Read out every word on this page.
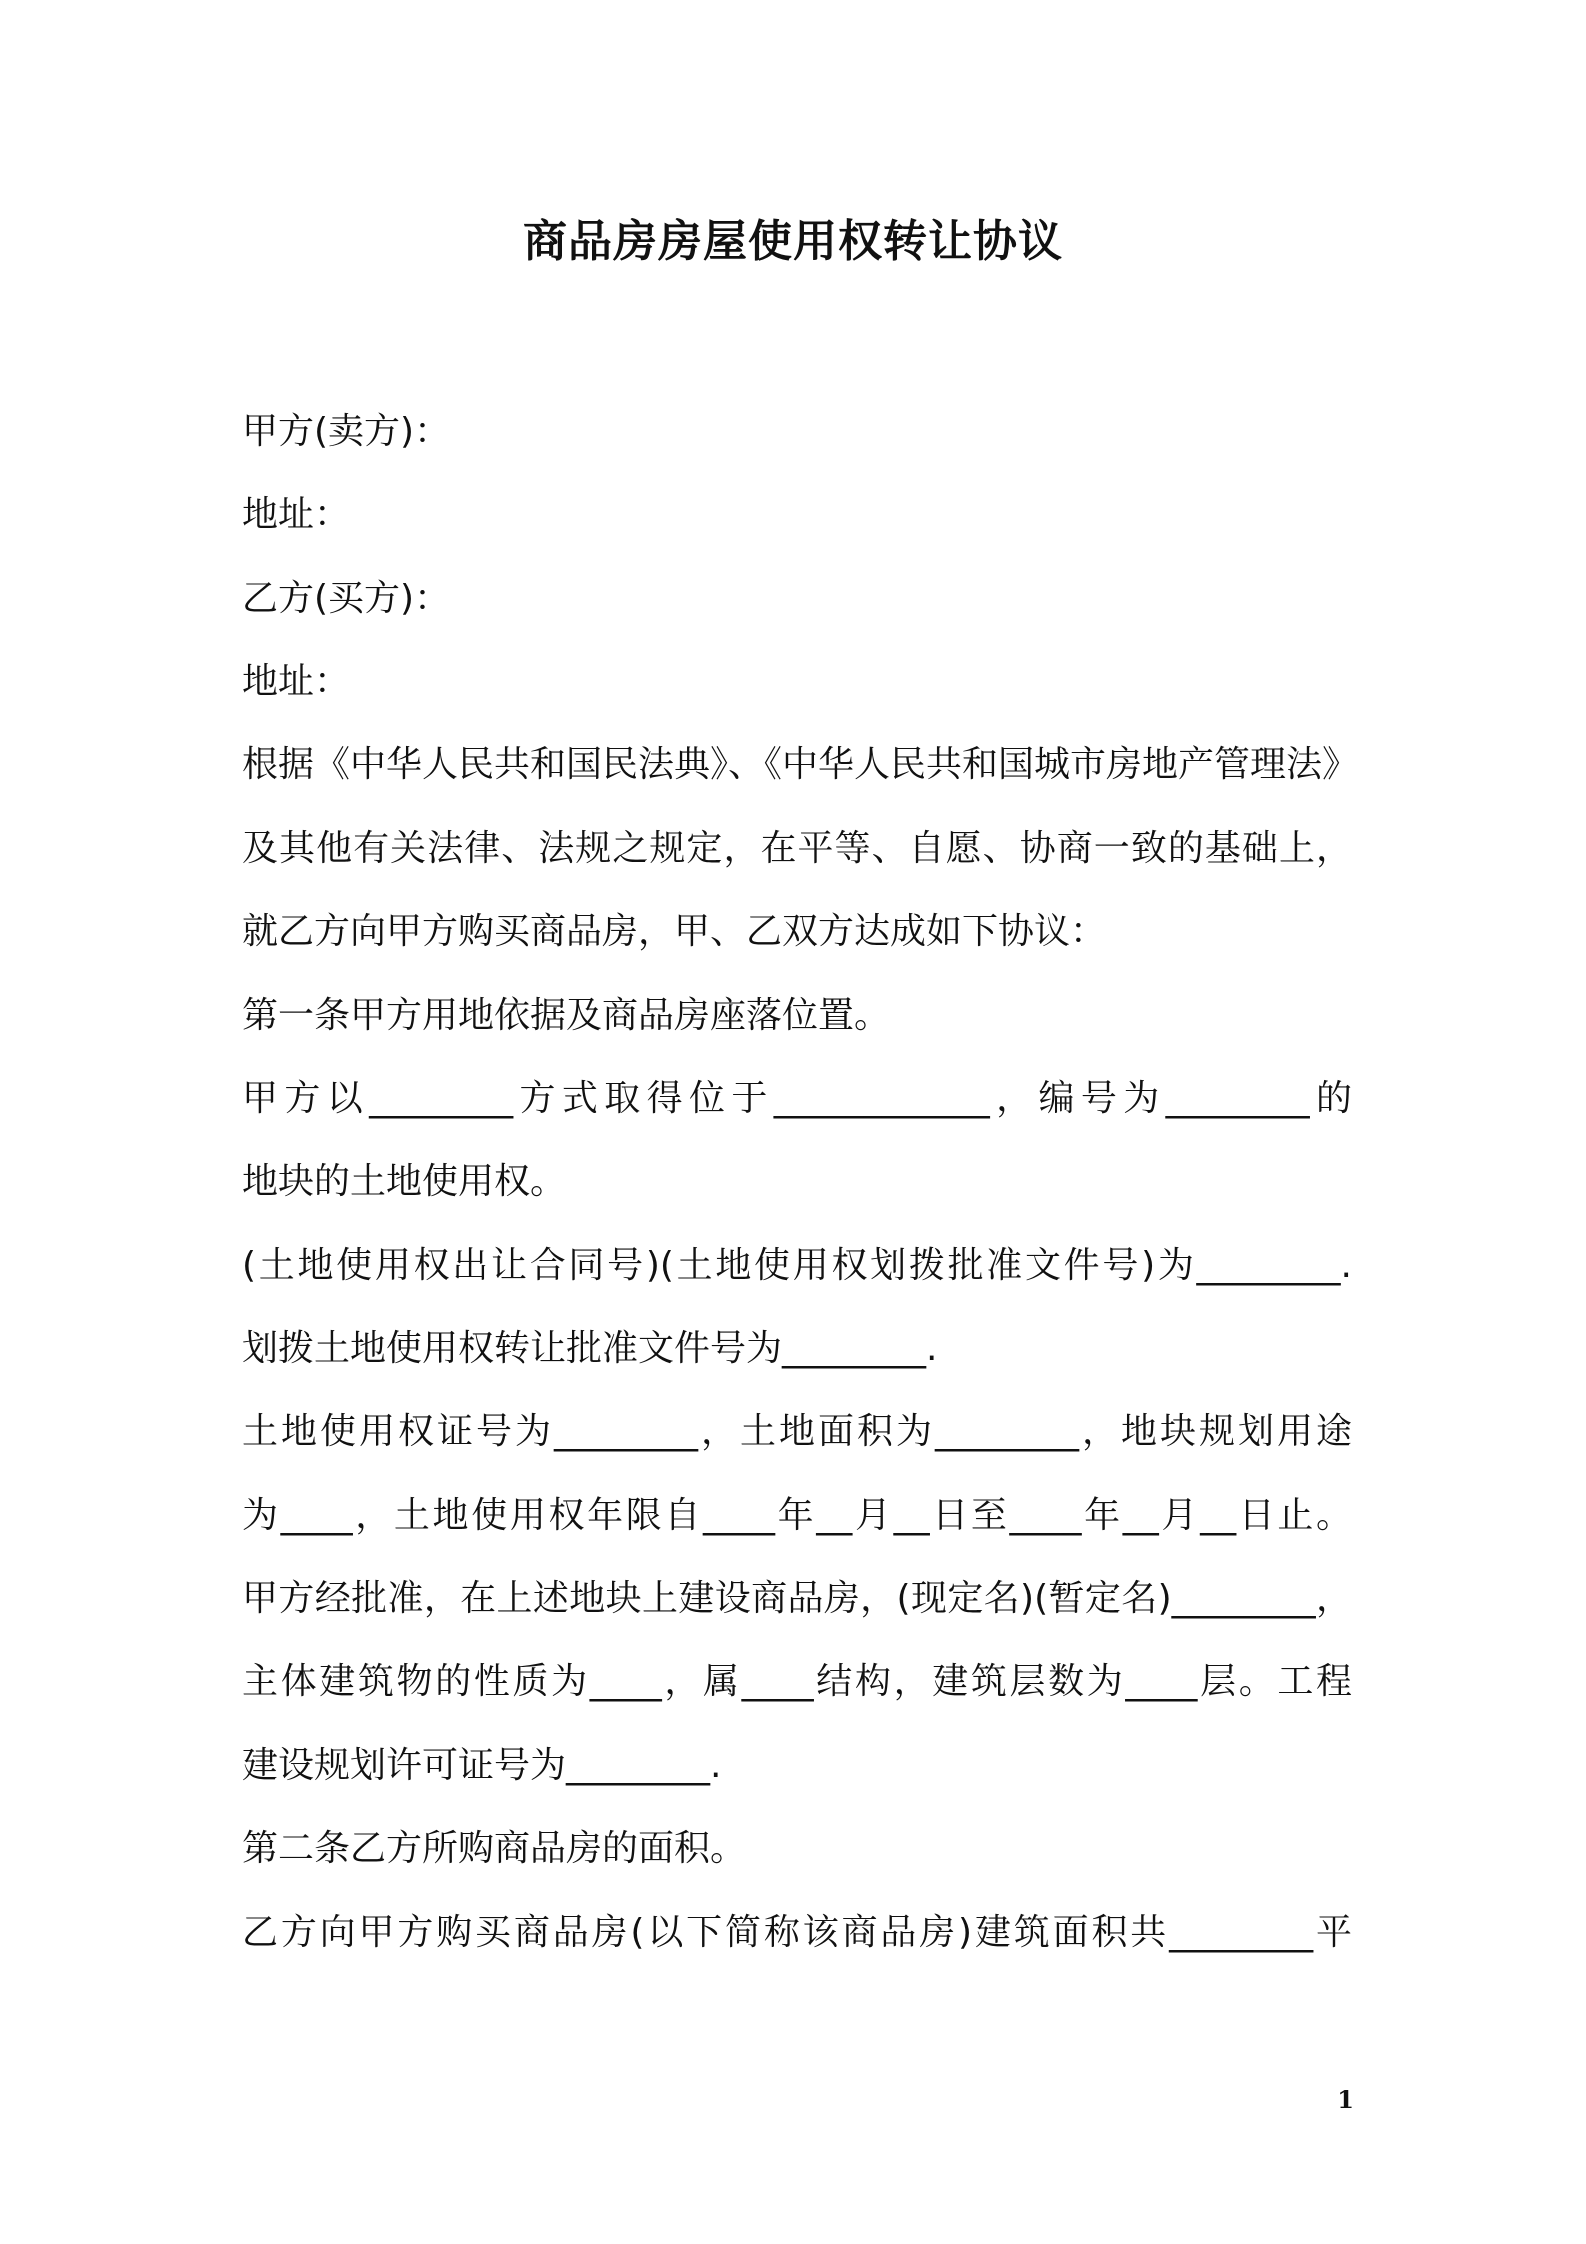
商品房房屋使用权转让协议
甲方(卖方)：
地址：
乙方(买方)：
地址：
根据《中华人民共和国民法典》、《中华人民共和国城市房地产管理法》
及其他有关法律、法规之规定，在平等、自愿、协商一致的基础上，
就乙方向甲方购买商品房，甲、乙双方达成如下协议：
第一条甲方用地依据及商品房座落位置。
甲方以________方式取得位于____________，编号为________的
地块的土地使用权。
(土地使用权出让合同号)(土地使用权划拨批准文件号)为________.
划拨土地使用权转让批准文件号为________.
土地使用权证号为________，土地面积为________，地块规划用途
为____，土地使用权年限自____年__月__日至____年__月__日止。
甲方经批准，在上述地块上建设商品房，(现定名)(暂定名)________，
主体建筑物的性质为____，属____结构，建筑层数为____层。工程
建设规划许可证号为________.
第二条乙方所购商品房的面积。
乙方向甲方购买商品房(以下简称该商品房)建筑面积共________平
1
